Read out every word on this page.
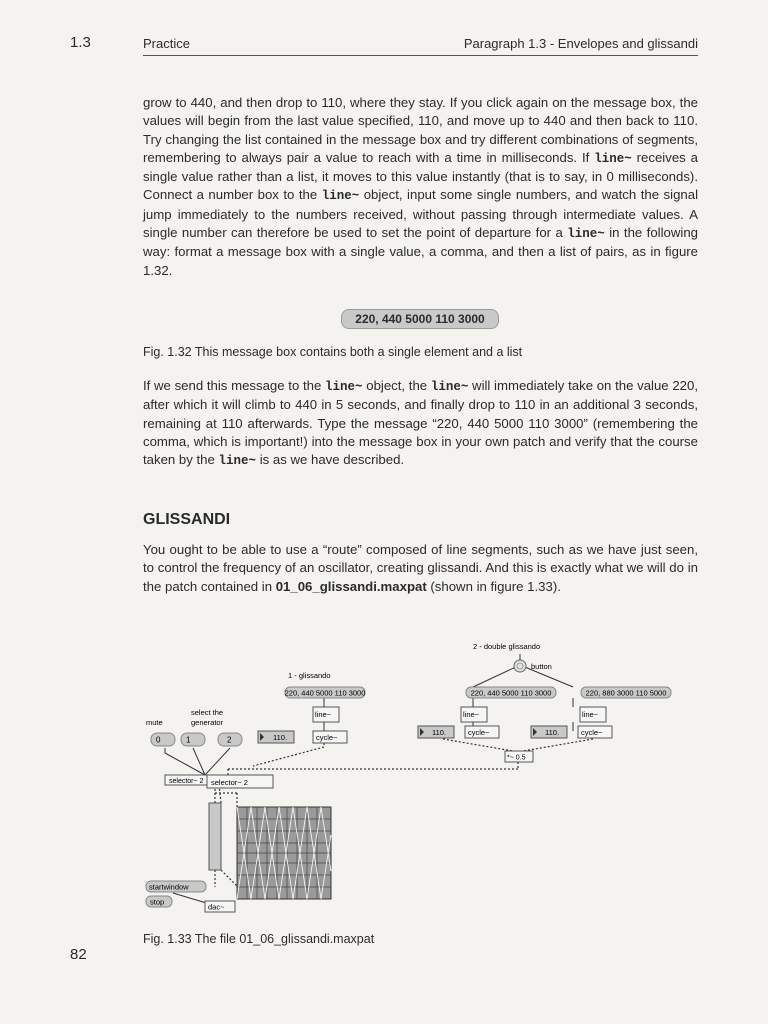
1.3	Practice	Paragraph 1.3 - Envelopes and glissandi

grow to 440, and then drop to 110, where they stay. If you click again on the message box, the values will begin from the last value specified, 110, and move up to 440 and then back to 110. Try changing the list contained in the message box and try different combinations of segments, remembering to always pair a value to reach with a time in milliseconds. If line~ receives a single value rather than a list, it moves to this value instantly (that is to say, in 0 milliseconds). Connect a number box to the line~ object, input some single numbers, and watch the signal jump immediately to the numbers received, without passing through intermediate values. A single number can therefore be used to set the point of departure for a line~ in the following way: format a message box with a single value, a comma, and then a list of pairs, as in figure 1.32.

220, 440 5000 110 3000
Fig. 1.32 This message box contains both a single element and a list

If we send this message to the line~ object, the line~ will immediately take on the value 220, after which it will climb to 440 in 5 seconds, and finally drop to 110 in an additional 3 seconds, remaining at 110 afterwards. Type the message “220, 440 5000 110 3000” (remembering the comma, which is important!) into the message box in your own patch and verify that the course taken by the line~ is as we have described.

GLISSANDI

You ought to be able to use a “route” composed of line segments, such as we have just seen, to control the frequency of an oscillator, creating glissandi. And this is exactly what we will do in the patch contained in 01_06_glissandi.maxpat (shown in figure 1.33).

2 - double glissando
button
1 - glissando
220, 440 5000 110 3000	220, 440 5000 110 3000	220, 880 3000 110 5000
line~	line~	line~
110.	cycle~
110.	cycle~	110.	cycle~
*~ 0.5
mute
select the
generator
0	1	2
selector~ 2 selector~ 2
startwindow
stop
dac~
Fig. 1.33 The file 01_06_glissandi.maxpat
82
